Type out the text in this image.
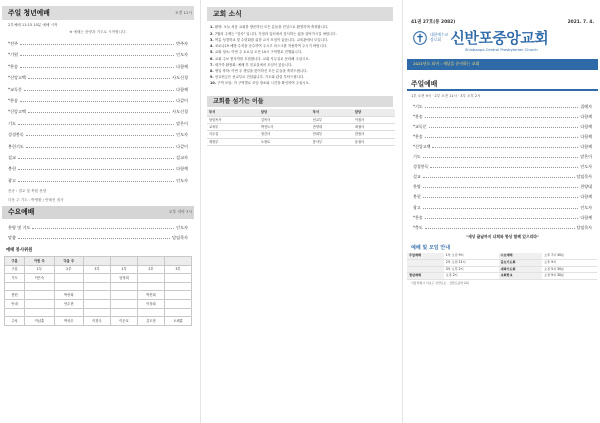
주일 청년예배	오전 11시
2부예배 11:15 10분 예배 시작
※ 예배는 찬양과 기도로 시작합니다.
*전주	반주자
*기원	인도자
*찬송	다함께
*신앙고백	사도신경
*교독문	다함께
*찬송	다같이
*신앙고백	사도신경
기도	맡은이
성경봉독	인도자
봉헌기도	다같이
설교	설교자
봉헌	다함께
광고	인도자
찬송 : 결교 및 축원 찬양
다음 주 기도 : 박명환 / 안태선 집사
수요예배	오후 저녁 7시
찬양 및 기도	인도자
말씀	담임목사
예배 봉사위원
구분	이번 주	다음 주				
구분	1부	2부	3부	1부	2부	3부
기도	이은숙			임영희		

봉헌		박선희			박진희	
안내		안수현			이상희	

주차	이남훈	박상우	이창우	이순호	김도현	오세훈
교회 소식

1. 환영: 오늘 처음 교회를 방문하신 모든 분들을 진심으로 환영하며 축복합니다.

2. 7월의 주제는 "감사" 입니다. 가정과 일터에서 감사하는 삶을 살아가시길 바랍니다.

3. 여름 성경학교 및 수련회를 위한 교사 모임이 있습니다. 교육관에서 모입니다.

4. 코로나19 예방 수칙을 준수하여 주시고 마스크를 착용하여 주시기 바랍니다.

5. 교회 청소: 이번 주 토요일 오전 10시 구역별로 진행됩니다.

6. 교회 주보 봉사자를 모집합니다. 교회 사무실로 문의해 주십시오.

7. 새가족 환영회: 예배 후 친교실에서 모임이 있습니다.

8. 생일 축하: 이번 주 생일을 맞이하신 모든 분들을 축하드립니다.

9. 선교헌금은 선교부로 전달됩니다. 기도와 관심 부탁드립니다.

10. 구역 모임: 각 구역별로 모임 장소와 시간을 확인하여 주십시오.

교회를 섬기는 이들
부서	담당	부서	담당
담임목사	김목사	선교부	이집사
교육부	박전도사	찬양대	최권사
사무실	정간사	안내부	한집사
재정부	오장로	봉사부	윤권사
41권 27호(통 2082)	2021. 7. 4.
대한예수교
장로회 신반포중앙교회
Shinbanpo Central Presbyterian Church
2021년도 표어 : 새날을 준비하는 교회
주일예배
1부 오전 9시 · 2부 오전 11시 · 3부 오후 2시
*기도	집례자
*찬송	다함께
*교독문	다함께
*찬송	다함께
*신앙고백	다함께
기도	맡은이
성경봉독	인도자
설교	담임목사
찬양	찬양대
봉헌	다함께
광고	인도자
*찬송	다함께
*축도	담임목사
"세상 끝날까지 너희와 항상 함께 있으리라"
예배 및 모임 안내
주일예배	1부 오전 9시	수요예배	오후 7시 30분
	2부 오전 11시	금요기도회	오후 9시
	3부 오후 2시	새벽기도회	오전 5시 30분
청년예배	오후 2시	교회학교	오전 9시 30분
서울특별시 서초구 신반포로 · 신반포중앙교회
